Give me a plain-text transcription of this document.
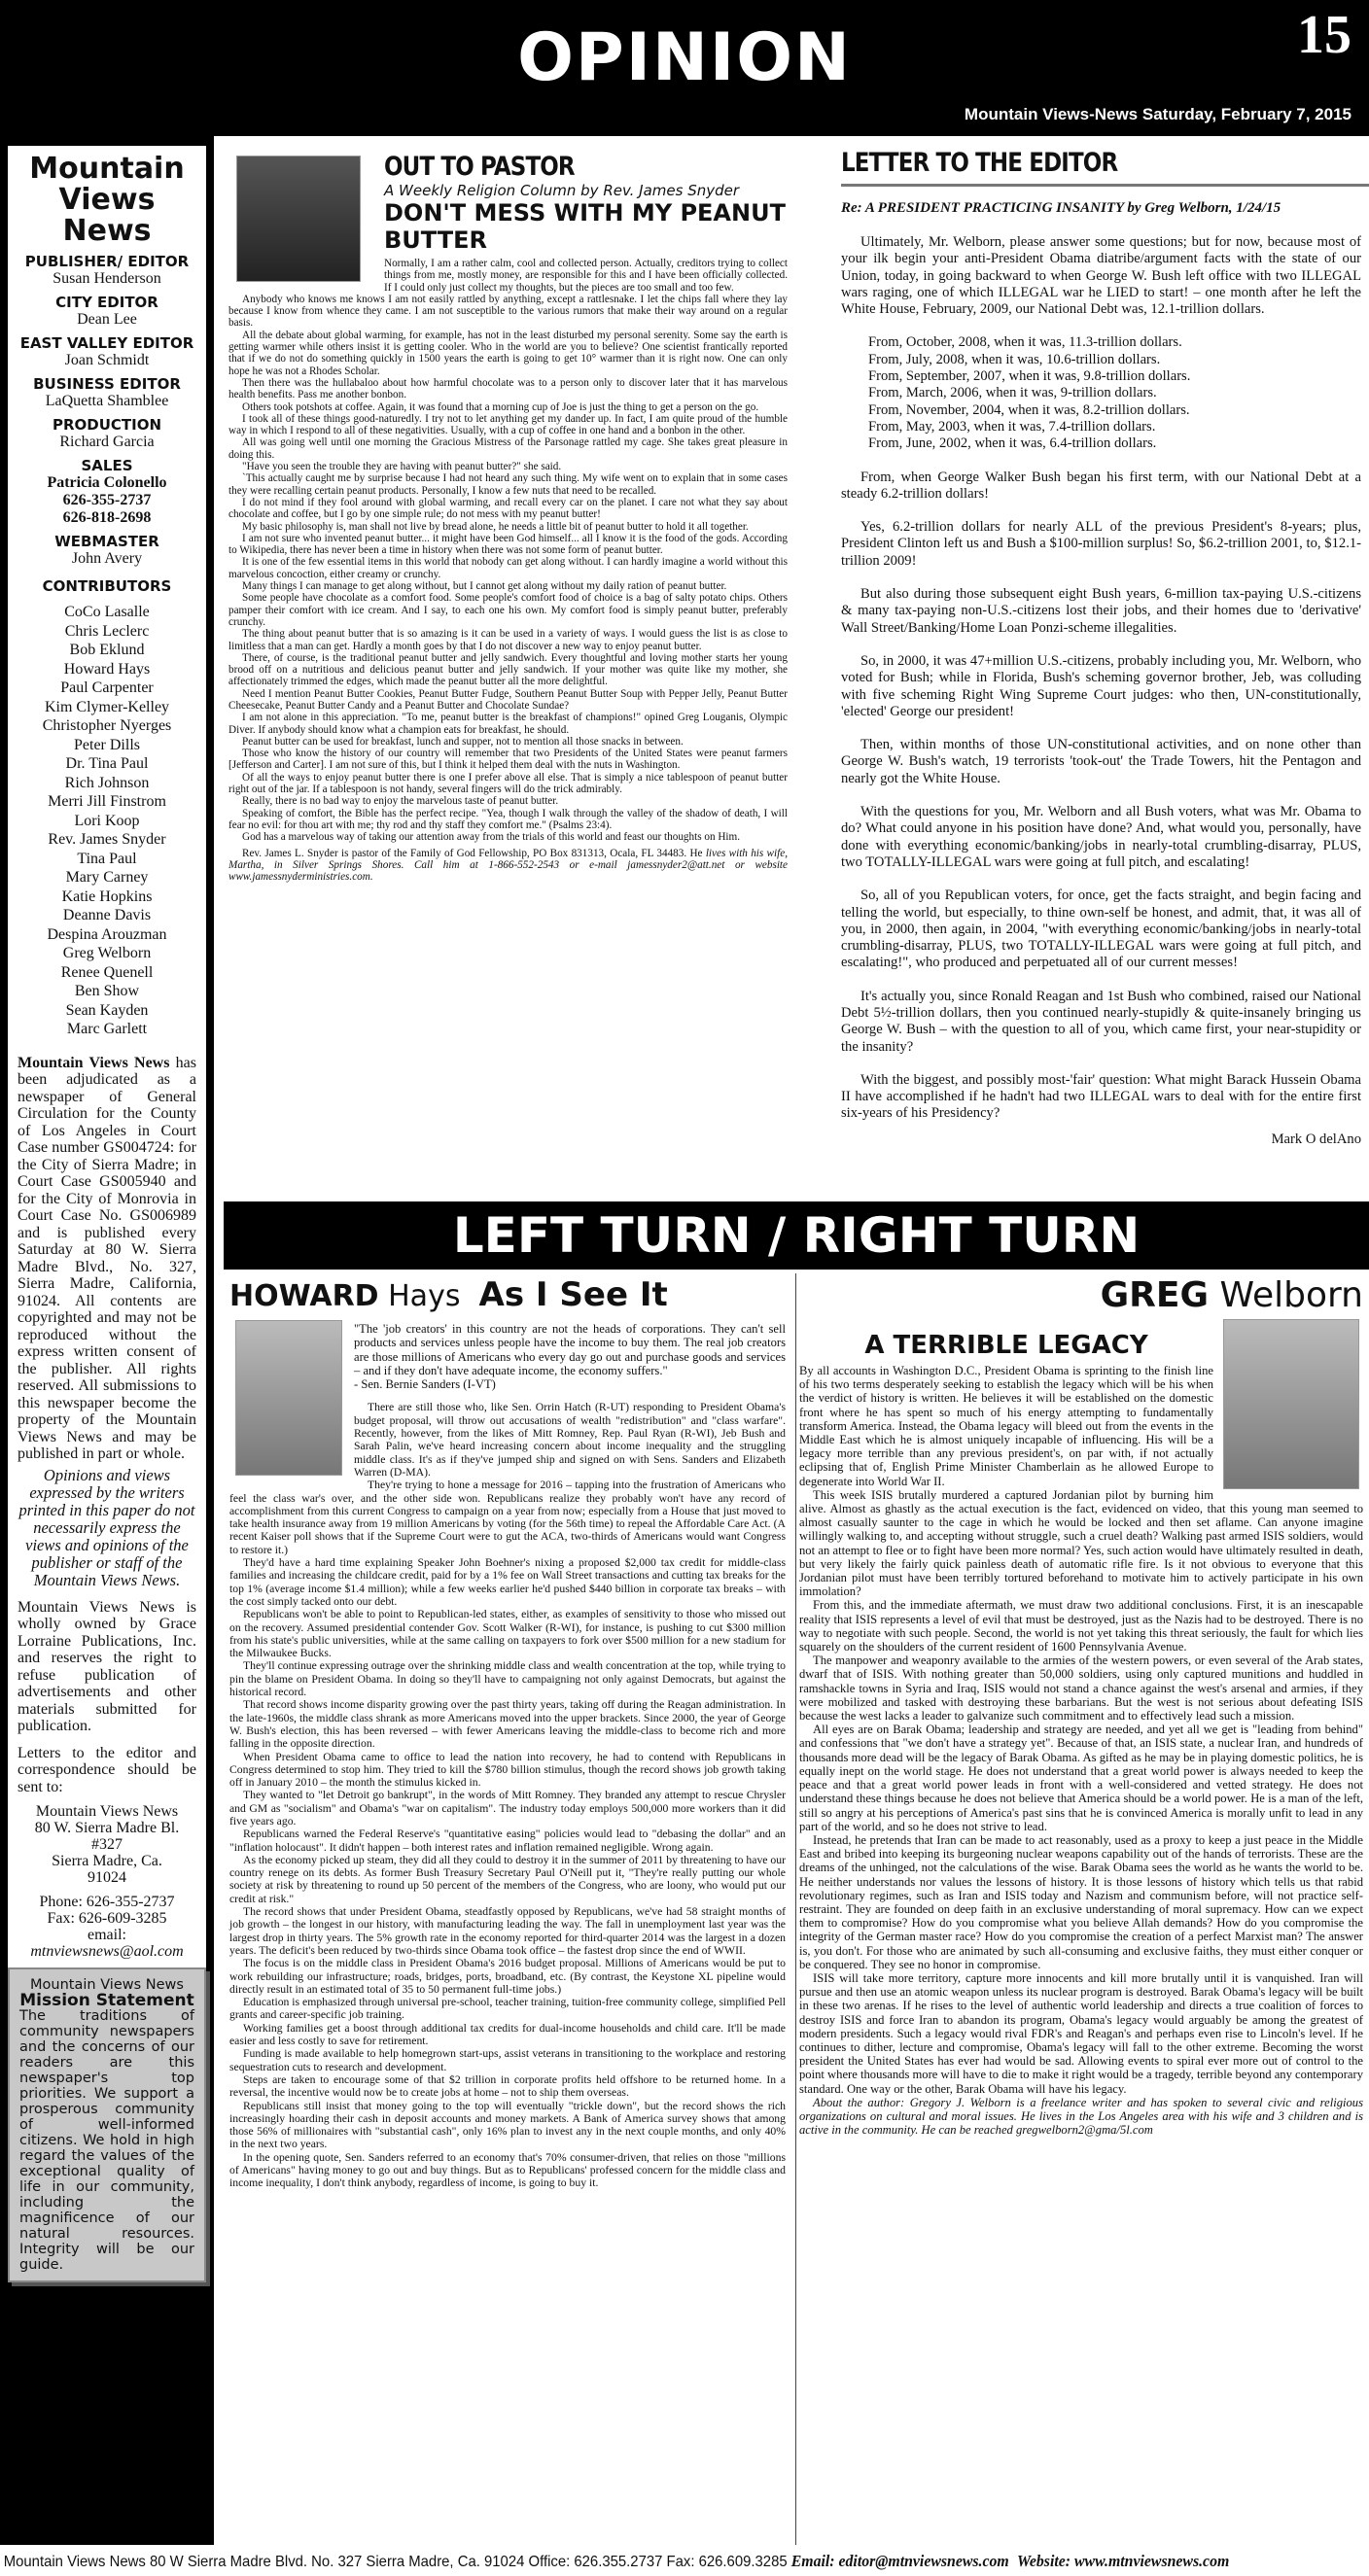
OPINION	15
Mountain Views-News Saturday, February 7, 2015
Mountain Views News
PUBLISHER/ EDITOR
Susan Henderson
CITY EDITOR
Dean Lee
EAST VALLEY EDITOR
Joan Schmidt
BUSINESS EDITOR
LaQuetta Shamblee
PRODUCTION
Richard Garcia
SALES
Patricia Colonello
626-355-2737
626-818-2698
WEBMASTER
John Avery
CONTRIBUTORS
CoCo Lasalle
Chris Leclerc
Bob Eklund
Howard Hays
Paul Carpenter
Kim Clymer-Kelley
Christopher Nyerges
Peter Dills
Dr. Tina Paul
Rich Johnson
Merri Jill Finstrom
Lori Koop
Rev. James Snyder
Tina Paul
Mary Carney
Katie Hopkins
Deanne Davis
Despina Arouzman
Greg Welborn
Renee Quenell
Ben Show
Sean Kayden
Marc Garlett
Mountain Views News has been adjudicated as a newspaper of General Circulation for the County of Los Angeles in Court Case number GS004724: for the City of Sierra Madre; in Court Case GS005940 and for the City of Monrovia in Court Case No. GS006989 and is published every Saturday at 80 W. Sierra Madre Blvd., No. 327, Sierra Madre, California, 91024. All contents are copyrighted and may not be reproduced without the express written consent of the publisher. All rights reserved. All submissions to this newspaper become the property of the Mountain Views News and may be published in part or whole.
Opinions and views expressed by the writers printed in this paper do not necessarily express the views and opinions of the publisher or staff of the Mountain Views News.
Mountain Views News is wholly owned by Grace Lorraine Publications, Inc. and reserves the right to refuse publication of advertisements and other materials submitted for publication.
Letters to the editor and correspondence should be sent to:
Mountain Views News
80 W. Sierra Madre Bl.
#327
Sierra Madre, Ca.
91024
Phone: 626-355-2737
Fax: 626-609-3285
email:
mtnviewsnews@aol.com
Mountain Views News
Mission Statement
The traditions of community newspapers and the concerns of our readers are this newspaper's top priorities. We support a prosperous community of well-informed citizens. We hold in high regard the values of the exceptional quality of life in our community, including the magnificence of our natural resources. Integrity will be our guide.
OUT TO PASTOR
A Weekly Religion Column by Rev. James Snyder
DON'T MESS WITH MY PEANUT BUTTER

Normally, I am a rather calm, cool and collected person. Actually, creditors trying to collect things from me, mostly money, are responsible for this and I have been officially collected. If I could only just collect my thoughts, but the pieces are too small and too few.

Anybody who knows me knows I am not easily rattled by anything, except a rattlesnake. I let the chips fall where they lay because I know from whence they came. I am not susceptible to the various rumors that make their way around on a regular basis.

All the debate about global warming, for example, has not in the least disturbed my personal serenity. Some say the earth is getting warmer while others insist it is getting cooler. Who in the world are you to believe? One scientist frantically reported that if we do not do something quickly in 1500 years the earth is going to get 10° warmer than it is right now. One can only hope he was not a Rhodes Scholar.

Then there was the hullabaloo about how harmful chocolate was to a person only to discover later that it has marvelous health benefits. Pass me another bonbon.

Others took potshots at coffee. Again, it was found that a morning cup of Joe is just the thing to get a person on the go.

I took all of these things good-naturedly. I try not to let anything get my dander up. In fact, I am quite proud of the humble way in which I respond to all of these negativities. Usually, with a cup of coffee in one hand and a bonbon in the other.

All was going well until one morning the Gracious Mistress of the Parsonage rattled my cage. She takes great pleasure in doing this.

"Have you seen the trouble they are having with peanut butter?" she said.

`This actually caught me by surprise because I had not heard any such thing. My wife went on to explain that in some cases they were recalling certain peanut products. Personally, I know a few nuts that need to be recalled.

I do not mind if they fool around with global warming, and recall every car on the planet. I care not what they say about chocolate and coffee, but I go by one simple rule; do not mess with my peanut butter!

My basic philosophy is, man shall not live by bread alone, he needs a little bit of peanut butter to hold it all together.

I am not sure who invented peanut butter... it might have been God himself... all I know it is the food of the gods. According to Wikipedia, there has never been a time in history when there was not some form of peanut butter.

It is one of the few essential items in this world that nobody can get along without. I can hardly imagine a world without this marvelous concoction, either creamy or crunchy.

Many things I can manage to get along without, but I cannot get along without my daily ration of peanut butter.

Some people have chocolate as a comfort food. Some people's comfort food of choice is a bag of salty potato chips. Others pamper their comfort with ice cream. And I say, to each one his own. My comfort food is simply peanut butter, preferably crunchy.

The thing about peanut butter that is so amazing is it can be used in a variety of ways. I would guess the list is as close to limitless that a man can get. Hardly a month goes by that I do not discover a new way to enjoy peanut butter.

There, of course, is the traditional peanut butter and jelly sandwich. Every thoughtful and loving mother starts her young brood off on a nutritious and delicious peanut butter and jelly sandwich. If your mother was quite like my mother, she affectionately trimmed the edges, which made the peanut butter all the more delightful.

Need I mention Peanut Butter Cookies, Peanut Butter Fudge, Southern Peanut Butter Soup with Pepper Jelly, Peanut Butter Cheesecake, Peanut Butter Candy and a Peanut Butter and Chocolate Sundae?

I am not alone in this appreciation. "To me, peanut butter is the breakfast of champions!" opined Greg Louganis, Olympic Diver. If anybody should know what a champion eats for breakfast, he should.

Peanut butter can be used for breakfast, lunch and supper, not to mention all those snacks in between.

Those who know the history of our country will remember that two Presidents of the United States were peanut farmers [Jefferson and Carter]. I am not sure of this, but I think it helped them deal with the nuts in Washington.

Of all the ways to enjoy peanut butter there is one I prefer above all else. That is simply a nice tablespoon of peanut butter right out of the jar. If a tablespoon is not handy, several fingers will do the trick admirably.

Really, there is no bad way to enjoy the marvelous taste of peanut butter.

Speaking of comfort, the Bible has the perfect recipe. "Yea, though I walk through the valley of the shadow of death, I will fear no evil: for thou art with me; thy rod and thy staff they comfort me." (Psalms 23:4).

God has a marvelous way of taking our attention away from the trials of this world and feast our thoughts on Him.

Rev. James L. Snyder is pastor of the Family of God Fellowship, PO Box 831313, Ocala, FL 34483. He lives with his wife, Martha, in Silver Springs Shores. Call him at 1-866-552-2543 or e-mail jamessnyder2@att.net or website www.jamessnyderministries.com.

LETTER TO THE EDITOR
Re: A PRESIDENT PRACTICING INSANITY by Greg Welborn, 1/24/15

Ultimately, Mr. Welborn, please answer some questions; but for now, because most of your ilk begin your anti-President Obama diatribe/argument facts with the state of our Union, today, in going backward to when George W. Bush left office with two ILLEGAL wars raging, one of which ILLEGAL war he LIED to start! – one month after he left the White House, February, 2009, our National Debt was, 12.1-trillion dollars.

From, October, 2008, when it was, 11.3-trillion dollars.
From, July, 2008, when it was, 10.6-trillion dollars.
From, September, 2007, when it was, 9.8-trillion dollars.
From, March, 2006, when it was, 9-trillion dollars.
From, November, 2004, when it was, 8.2-trillion dollars.
From, May, 2003, when it was, 7.4-trillion dollars.
From, June, 2002, when it was, 6.4-trillion dollars.

From, when George Walker Bush began his first term, with our National Debt at a steady 6.2-trillion dollars!

Yes, 6.2-trillion dollars for nearly ALL of the previous President's 8-years; plus, President Clinton left us and Bush a $100-million surplus! So, $6.2-trillion 2001, to, $12.1-trillion 2009!

But also during those subsequent eight Bush years, 6-million tax-paying U.S.-citizens & many tax-paying non-U.S.-citizens lost their jobs, and their homes due to 'derivative' Wall Street/Banking/Home Loan Ponzi-scheme illegalities.

So, in 2000, it was 47+million U.S.-citizens, probably including you, Mr. Welborn, who voted for Bush; while in Florida, Bush's scheming governor brother, Jeb, was colluding with five scheming Right Wing Supreme Court judges: who then, UN-constitutionally, 'elected' George our president!

Then, within months of those UN-constitutional activities, and on none other than George W. Bush's watch, 19 terrorists 'took-out' the Trade Towers, hit the Pentagon and nearly got the White House.

With the questions for you, Mr. Welborn and all Bush voters, what was Mr. Obama to do? What could anyone in his position have done? And, what would you, personally, have done with everything economic/banking/jobs in nearly-total crumbling-disarray, PLUS, two TOTALLY-ILLEGAL wars were going at full pitch, and escalating!

So, all of you Republican voters, for once, get the facts straight, and begin facing and telling the world, but especially, to thine own-self be honest, and admit, that, it was all of you, in 2000, then again, in 2004, "with everything economic/banking/jobs in nearly-total crumbling-disarray, PLUS, two TOTALLY-ILLEGAL wars were going at full pitch, and escalating!", who produced and perpetuated all of our current messes!

It's actually you, since Ronald Reagan and 1st Bush who combined, raised our National Debt 5½-trillion dollars, then you continued nearly-stupidly & quite-insanely bringing us George W. Bush – with the question to all of you, which came first, your near-stupidity or the insanity?

With the biggest, and possibly most-'fair' question: What might Barack Hussein Obama II have accomplished if he hadn't had two ILLEGAL wars to deal with for the entire first six-years of his Presidency?

Mark O delAno
LEFT TURN / RIGHT TURN
HOWARD Hays As I See It
"The 'job creators' in this country are not the heads of corporations. They can't sell products and services unless people have the income to buy them. The real job creators are those millions of Americans who every day go out and purchase goods and services – and if they don't have adequate income, the economy suffers."
- Sen. Bernie Sanders (I-VT)

There are still those who, like Sen. Orrin Hatch (R-UT) responding to President Obama's budget proposal, will throw out accusations of wealth "redistribution" and "class warfare". Recently, however, from the likes of Mitt Romney, Rep. Paul Ryan (R-WI), Jeb Bush and Sarah Palin, we've heard increasing concern about income inequality and the struggling middle class. It's as if they've jumped ship and signed on with Sens. Sanders and Elizabeth Warren (D-MA).

They're trying to hone a message for 2016 – tapping into the frustration of Americans who feel the class war's over, and the other side won. Republicans realize they probably won't have any record of accomplishment from this current Congress to campaign on a year from now; especially from a House that just moved to take health insurance away from 19 million Americans by voting (for the 56th time) to repeal the Affordable Care Act. (A recent Kaiser poll shows that if the Supreme Court were to gut the ACA, two-thirds of Americans would want Congress to restore it.)

They'd have a hard time explaining Speaker John Boehner's nixing a proposed $2,000 tax credit for middle-class families and increasing the childcare credit, paid for by a 1% fee on Wall Street transactions and cutting tax breaks for the top 1% (average income $1.4 million); while a few weeks earlier he'd pushed $440 billion in corporate tax breaks – with the cost simply tacked onto our debt.

Republicans won't be able to point to Republican-led states, either, as examples of sensitivity to those who missed out on the recovery. Assumed presidential contender Gov. Scott Walker (R-WI), for instance, is pushing to cut $300 million from his state's public universities, while at the same calling on taxpayers to fork over $500 million for a new stadium for the Milwaukee Bucks.

They'll continue expressing outrage over the shrinking middle class and wealth concentration at the top, while trying to pin the blame on President Obama. In doing so they'll have to campaigning not only against Democrats, but against the historical record.

That record shows income disparity growing over the past thirty years, taking off during the Reagan administration. In the late-1960s, the middle class shrank as more Americans moved into the upper brackets. Since 2000, the year of George W. Bush's election, this has been reversed – with fewer Americans leaving the middle-class to become rich and more falling in the opposite direction.

When President Obama came to office to lead the nation into recovery, he had to contend with Republicans in Congress determined to stop him. They tried to kill the $780 billion stimulus, though the record shows job growth taking off in January 2010 – the month the stimulus kicked in.

They wanted to "let Detroit go bankrupt", in the words of Mitt Romney. They branded any attempt to rescue Chrysler and GM as "socialism" and Obama's "war on capitalism". The industry today employs 500,000 more workers than it did five years ago.

Republicans warned the Federal Reserve's "quantitative easing" policies would lead to "debasing the dollar" and an "inflation holocaust". It didn't happen – both interest rates and inflation remained negligible. Wrong again.

As the economy picked up steam, they did all they could to destroy it in the summer of 2011 by threatening to have our country renege on its debts. As former Bush Treasury Secretary Paul O'Neill put it, "They're really putting our whole society at risk by threatening to round up 50 percent of the members of the Congress, who are loony, who would put our credit at risk."

The record shows that under President Obama, steadfastly opposed by Republicans, we've had 58 straight months of job growth – the longest in our history, with manufacturing leading the way. The fall in unemployment last year was the largest drop in thirty years. The 5% growth rate in the economy reported for third-quarter 2014 was the largest in a dozen years. The deficit's been reduced by two-thirds since Obama took office – the fastest drop since the end of WWII.

The focus is on the middle class in President Obama's 2016 budget proposal. Millions of Americans would be put to work rebuilding our infrastructure; roads, bridges, ports, broadband, etc. (By contrast, the Keystone XL pipeline would directly result in an estimated total of 35 to 50 permanent full-time jobs.)

Education is emphasized through universal pre-school, teacher training, tuition-free community college, simplified Pell grants and career-specific job training.

Working families get a boost through additional tax credits for dual-income households and child care. It'll be made easier and less costly to save for retirement.

Funding is made available to help homegrown start-ups, assist veterans in transitioning to the workplace and restoring sequestration cuts to research and development.

Steps are taken to encourage some of that $2 trillion in corporate profits held offshore to be returned home. In a reversal, the incentive would now be to create jobs at home – not to ship them overseas.

Republicans still insist that money going to the top will eventually "trickle down", but the record shows the rich increasingly hoarding their cash in deposit accounts and money markets. A Bank of America survey shows that among those 56% of millionaires with "substantial cash", only 16% plan to invest any in the next couple months, and only 40% in the next two years.

In the opening quote, Sen. Sanders referred to an economy that's 70% consumer-driven, that relies on those "millions of Americans" having money to go out and buy things. But as to Republicans' professed concern for the middle class and income inequality, I don't think anybody, regardless of income, is going to buy it.

GREG Welborn
A TERRIBLE LEGACY

By all accounts in Washington D.C., President Obama is sprinting to the finish line of his two terms desperately seeking to establish the legacy which will be his when the verdict of history is written. He believes it will be established on the domestic front where he has spent so much of his energy attempting to fundamentally transform America. Instead, the Obama legacy will bleed out from the events in the Middle East which he is almost uniquely incapable of influencing. His will be a legacy more terrible than any previous president's, on par with, if not actually eclipsing that of, English Prime Minister Chamberlain as he allowed Europe to degenerate into World War II.

This week ISIS brutally murdered a captured Jordanian pilot by burning him alive. Almost as ghastly as the actual execution is the fact, evidenced on video, that this young man seemed to almost casually saunter to the cage in which he would be locked and then set aflame. Can anyone imagine willingly walking to, and accepting without struggle, such a cruel death? Walking past armed ISIS soldiers, would not an attempt to flee or to fight have been more normal? Yes, such action would have ultimately resulted in death, but very likely the fairly quick painless death of automatic rifle fire. Is it not obvious to everyone that this Jordanian pilot must have been terribly tortured beforehand to motivate him to actively participate in his own immolation?

From this, and the immediate aftermath, we must draw two additional conclusions. First, it is an inescapable reality that ISIS represents a level of evil that must be destroyed, just as the Nazis had to be destroyed. There is no way to negotiate with such people. Second, the world is not yet taking this threat seriously, the fault for which lies squarely on the shoulders of the current resident of 1600 Pennsylvania Avenue.

The manpower and weaponry available to the armies of the western powers, or even several of the Arab states, dwarf that of ISIS. With nothing greater than 50,000 soldiers, using only captured munitions and huddled in ramshackle towns in Syria and Iraq, ISIS would not stand a chance against the west's arsenal and armies, if they were mobilized and tasked with destroying these barbarians. But the west is not serious about defeating ISIS because the west lacks a leader to galvanize such commitment and to effectively lead such a mission.

All eyes are on Barak Obama; leadership and strategy are needed, and yet all we get is "leading from behind" and confessions that "we don't have a strategy yet". Because of that, an ISIS state, a nuclear Iran, and hundreds of thousands more dead will be the legacy of Barak Obama. As gifted as he may be in playing domestic politics, he is equally inept on the world stage. He does not understand that a great world power is always needed to keep the peace and that a great world power leads in front with a well-considered and vetted strategy. He does not understand these things because he does not believe that America should be a world power. He is a man of the left, still so angry at his perceptions of America's past sins that he is convinced America is morally unfit to lead in any part of the world, and so he does not strive to lead.

Instead, he pretends that Iran can be made to act reasonably, used as a proxy to keep a just peace in the Middle East and bribed into keeping its burgeoning nuclear weapons capability out of the hands of terrorists. These are the dreams of the unhinged, not the calculations of the wise. Barak Obama sees the world as he wants the world to be. He neither understands nor values the lessons of history. It is those lessons of history which tells us that rabid revolutionary regimes, such as Iran and ISIS today and Nazism and communism before, will not practice self-restraint. They are founded on deep faith in an exclusive understanding of moral supremacy. How can we expect them to compromise? How do you compromise what you believe Allah demands? How do you compromise the integrity of the German master race? How do you compromise the creation of a perfect Marxist man? The answer is, you don't. For those who are animated by such all-consuming and exclusive faiths, they must either conquer or be conquered. They see no honor in compromise.

ISIS will take more territory, capture more innocents and kill more brutally until it is vanquished. Iran will pursue and then use an atomic weapon unless its nuclear program is destroyed. Barak Obama's legacy will be built in these two arenas. If he rises to the level of authentic world leadership and directs a true coalition of forces to destroy ISIS and force Iran to abandon its program, Obama's legacy would arguably be among the greatest of modern presidents. Such a legacy would rival FDR's and Reagan's and perhaps even rise to Lincoln's level. If he continues to dither, lecture and compromise, Obama's legacy will fall to the other extreme. Becoming the worst president the United States has ever had would be sad. Allowing events to spiral ever more out of control to the point where thousands more will have to die to make it right would be a tragedy, terrible beyond any contemporary standard. One way or the other, Barak Obama will have his legacy.

About the author: Gregory J. Welborn is a freelance writer and has spoken to several civic and religious organizations on cultural and moral issues. He lives in the Los Angeles area with his wife and 3 children and is active in the community. He can be reached gregwelborn2@gma/5l.com
Mountain Views News 80 W Sierra Madre Blvd. No. 327 Sierra Madre, Ca. 91024 Office: 626.355.2737 Fax: 626.609.3285 Email: editor@mtnviewsnews.com Website: www.mtnviewsnews.com
